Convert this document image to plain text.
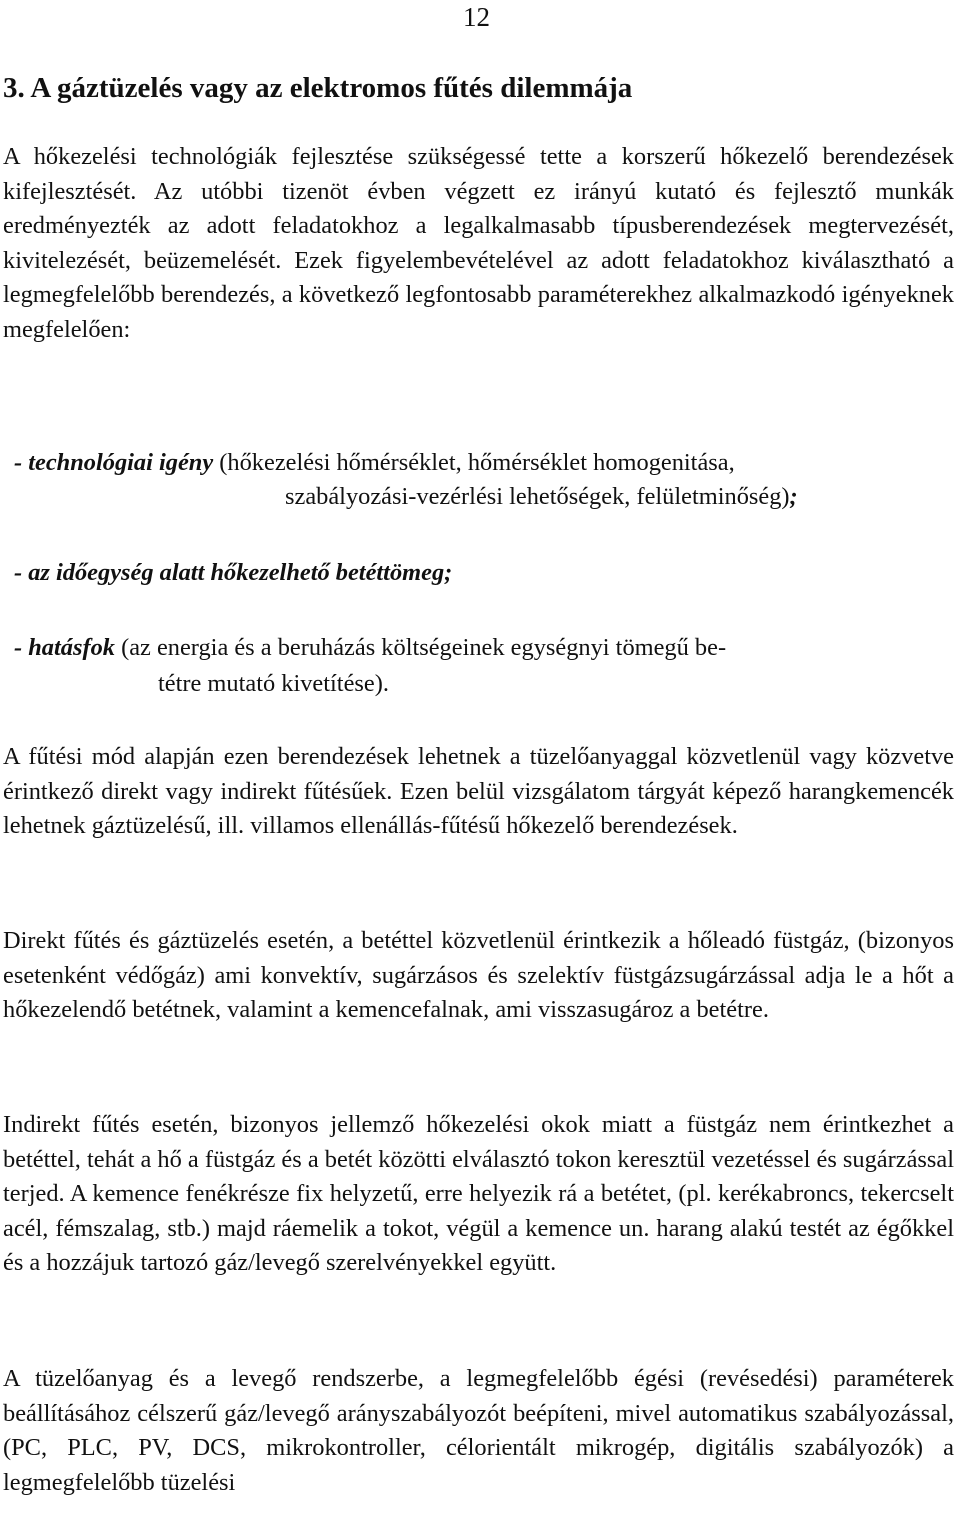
12
3. A gáztüzelés vagy az elektromos fűtés dilemmája

A hőkezelési technológiák fejlesztése szükségessé tette a korszerű hőkezelő berendezések kifejlesztését. Az utóbbi tizenöt évben végzett ez irányú kutató és fejlesztő munkák eredményezték az adott feladatokhoz a legalkalmasabb típusberendezések megtervezését, kivitelezését, beüzemelését. Ezek figyelembevételével az adott feladatokhoz kiválasztható a legmegfelelőbb berendezés, a következő legfontosabb paraméterekhez alkalmazkodó igényeknek megfelelően:

- technológiai igény (hőkezelési hőmérséklet, hőmérséklet homogenitása,
szabályozási-vezérlési lehetőségek, felületminőség);
- az időegység alatt hőkezelhető betéttömeg;
- hatásfok (az energia és a beruházás költségeinek egységnyi tömegű be-
tétre mutató kivetítése).

A fűtési mód alapján ezen berendezések lehetnek a tüzelőanyaggal közvetlenül vagy közvetve érintkező direkt vagy indirekt fűtésűek. Ezen belül vizsgálatom tárgyát képező harangkemencék lehetnek gáztüzelésű, ill. villamos ellenállás-fűtésű hőkezelő berendezések.

Direkt fűtés és gáztüzelés esetén, a betéttel közvetlenül érintkezik a hőleadó füstgáz, (bizonyos esetenként védőgáz) ami konvektív, sugárzásos és szelektív füstgázsugárzással adja le a hőt a hőkezelendő betétnek, valamint a kemencefalnak, ami visszasugároz a betétre.

Indirekt fűtés esetén, bizonyos jellemző hőkezelési okok miatt a füstgáz nem érintkezhet a betéttel, tehát a hő a füstgáz és a betét közötti elválasztó tokon keresztül vezetéssel és sugárzással terjed. A kemence fenékrésze fix helyzetű, erre helyezik rá a betétet, (pl. kerékabroncs, tekercselt acél, fémszalag, stb.) majd ráemelik a tokot, végül a kemence un. harang alakú testét az égőkkel és a hozzájuk tartozó gáz/levegő szerelvényekkel együtt.

A tüzelőanyag és a levegő rendszerbe, a legmegfelelőbb égési (revésedési) paraméterek beállításához célszerű gáz/levegő arányszabályozót beépíteni, mivel automatikus szabályozással, (PC, PLC, PV, DCS, mikrokontroller, célorientált mikrogép, digitális szabályozók) a legmegfelelőbb tüzelési
